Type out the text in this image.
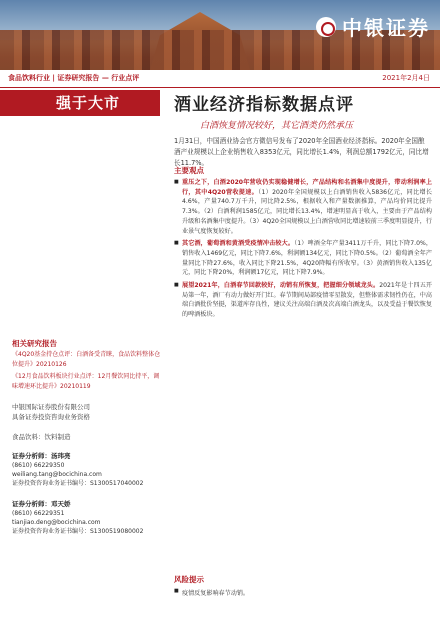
中银证券
食品饮料行业 | 证券研究报告 — 行业点评	2021年2月4日
强于大市
相关研究报告
《4Q20基金持仓点评：白酒备受青睐，食品饮料整体仓位提升》20210126
《12月食品饮料板块行业点评：12月餐饮同比持平，调味增速环比提升》20210119
中银国际证券股份有限公司
具备证券投资咨询业务资格
食品饮料：饮料制造
证券分析师：汤玮亮
(8610) 66229350
weiliang.tang@bocichina.com
证券投资咨询业务证书编号：S1300517040002
证券分析师：邓天娇
(8610) 66229351
tianjiao.deng@bocichina.com
证券投资咨询业务证书编号：S1300519080002
酒业经济指标数据点评
白酒恢复情况较好，其它酒类仍然承压
1月31日，中国酒业协会官方微信号发布了2020年全国酒业经济指标。2020年全国酿酒产业规模以上企业销售收入8353亿元，同比增长1.4%，利润总额1792亿元，同比增长11.7%。
主要观点
■ 重压之下，白酒2020年营收仍实现稳健增长，产品结构和名酒集中度提升，带动利润率上行，其中4Q20营收提速。（1）2020年全国规模以上白酒销售收入5836亿元，同比增长4.6%，产量740.7万千升，同比降2.5%，根据收入和产量数据推算，产品均价同比提升7.3%。（2）白酒利润1585亿元，同比增长13.4%，增速明显高于收入，主要由于产品结构升级和名酒集中度提升。（3）4Q20全国规模以上白酒营收同比增速较前三季度明显提升，行业景气度恢复较好。
■ 其它酒，葡萄酒和黄酒受疫情冲击较大。（1）啤酒全年产量3411万千升，同比下降7.0%，销售收入1469亿元，同比下降7.6%，利润额134亿元，同比下降0.5%。（2）葡萄酒全年产量同比下降27.6%，收入同比下降21.5%，4Q20降幅有所收窄。（3）黄酒销售收入135亿元，同比下降20%，利润额17亿元，同比下降7.9%。
■ 展望2021年，白酒春节回款较好，动销有所恢复，把握细分领域龙头。2021年是十四五开局第一年，酒厂有动力做好开门红。春节期间局部疫情零星散发，但整体需求韧性仍在，中高端白酒批价坚挺，渠道库存良性，建议关注高端白酒及次高端白酒龙头，以及受益于餐饮恢复的啤酒板块。
风险提示
■ 疫情反复影响春节动销。
